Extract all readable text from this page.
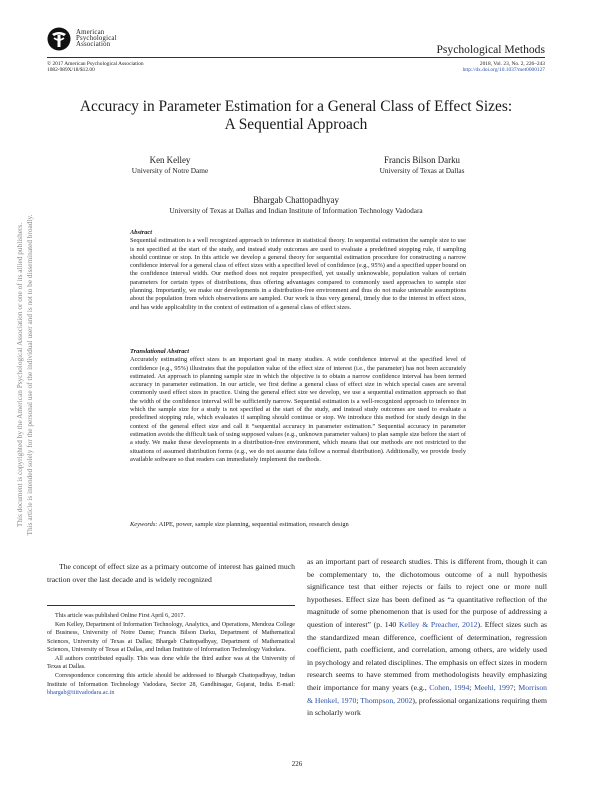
American
Psychological
Association	Psychological Methods
© 2017 American Psychological Association
1082-989X/18/$12.00
2018, Vol. 23, No. 2, 226–243
http://dx.doi.org/10.1037/met0000127
Accuracy in Parameter Estimation for a General Class of Effect Sizes:
A Sequential Approach
Ken Kelley
University of Notre Dame
Francis Bilson Darku
University of Texas at Dallas
Bhargab Chattopadhyay
University of Texas at Dallas and Indian Institute of Information Technology Vadodara
Abstract
Sequential estimation is a well recognized approach to inference in statistical theory. In sequential estimation the sample size to use is not specified at the start of the study, and instead study outcomes are used to evaluate a predefined stopping rule, if sampling should continue or stop. In this article we develop a general theory for sequential estimation procedure for constructing a narrow confidence interval for a general class of effect sizes with a specified level of confidence (e.g., 95%) and a specified upper bound on the confidence interval width. Our method does not require prespecified, yet usually unknowable, population values of certain parameters for certain types of distributions, thus offering advantages compared to commonly used approaches to sample size planning. Importantly, we make our developments in a distribution-free environment and thus do not make untenable assumptions about the population from which observations are sampled. Our work is thus very general, timely due to the interest in effect sizes, and has wide applicability in the context of estimation of a general class of effect sizes.
Translational Abstract
Accurately estimating effect sizes is an important goal in many studies. A wide confidence interval at the specified level of confidence (e.g., 95%) illustrates that the population value of the effect size of interest (i.e., the parameter) has not been accurately estimated. An approach to planning sample size in which the objective is to obtain a narrow confidence interval has been termed accuracy in parameter estimation. In our article, we first define a general class of effect size in which special cases are several commonly used effect sizes in practice. Using the general effect size we develop, we use a sequential estimation approach so that the width of the confidence interval will be sufficiently narrow. Sequential estimation is a well-recognized approach to inference in which the sample size for a study is not specified at the start of the study, and instead study outcomes are used to evaluate a predefined stopping rule, which evaluates if sampling should continue or stop. We introduce this method for study design in the context of the general effect size and call it “sequential accuracy in parameter estimation.” Sequential accuracy in parameter estimation avoids the difficult task of using supposed values (e.g., unknown parameter values) to plan sample size before the start of a study. We make these developments in a distribution-free environment, which means that our methods are not restricted to the situations of assumed distribution forms (e.g., we do not assume data follow a normal distribution). Additionally, we provide freely available software so that readers can immediately implement the methods.
Keywords: AIPE, power, sample size planning, sequential estimation, research design
This document is copyrighted by the American Psychological Association or one of its allied publishers. This article is intended solely for the personal use of the individual user and is not to be disseminated broadly.
The concept of effect size as a primary outcome of interest has gained much traction over the last decade and is widely recognized
as an important part of research studies. This is different from, though it can be complementary to, the dichotomous outcome of a null hypothesis significance test that either rejects or fails to reject one or more null hypotheses. Effect size has been defined as “a quantitative reflection of the magnitude of some phenomenon that is used for the purpose of addressing a question of interest” (p. 140 Kelley & Preacher, 2012). Effect sizes such as the standardized mean difference, coefficient of determination, regression coefficient, path coefficient, and correlation, among others, are widely used in psychology and related disciplines. The emphasis on effect sizes in modern research seems to have stemmed from methodologists heavily emphasizing their importance for many years (e.g., Cohen, 1994; Meehl, 1997; Morrison & Henkel, 1970; Thompson, 2002), professional organizations requiring them in scholarly work

This article was published Online First April 6, 2017.

Ken Kelley, Department of Information Technology, Analytics, and Operations, Mendoza College of Business, University of Notre Dame; Francis Bilson Darku, Department of Mathematical Sciences, University of Texas at Dallas; Bhargab Chattopadhyay, Department of Mathematical Sciences, University of Texas at Dallas, and Indian Institute of Information Technology Vadodara.

All authors contributed equally. This was done while the third author was at the University of Texas at Dallas.

Correspondence concerning this article should be addressed to Bhargab Chattopadhyay, Indian Institute of Information Technology Vadodara, Sector 28, Gandhinagar, Gujarat, India. E-mail: bhargab@iiitvadodara.ac.in

226
